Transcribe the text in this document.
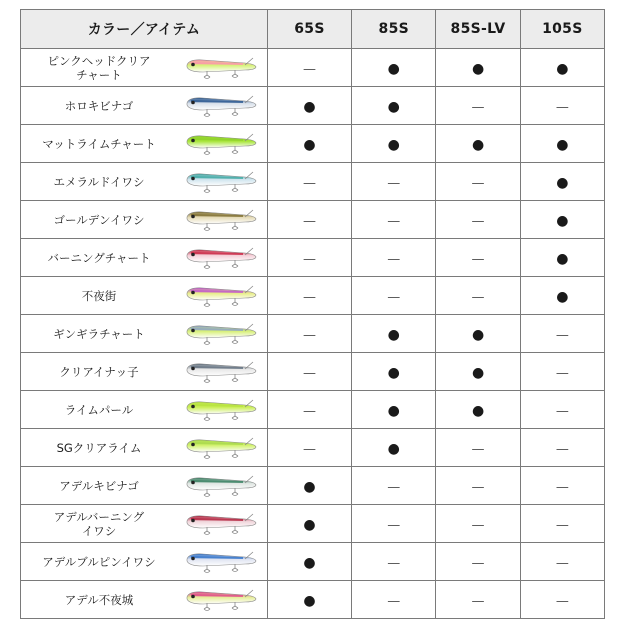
カラー／アイテム	65S	85S	85S-LV	105S

ピンクヘッドクリア
チャート	—	●	●	●

ホロキビナゴ	●	●	—	—

マットライムチャート	●	●	●	●

エメラルドイワシ	—	—	—	●

ゴールデンイワシ	—	—	—	●

バーニングチャート	—	—	—	●

不夜街	—	—	—	●

ギンギラチャート	—	●	●	—

クリアイナッ子	—	●	●	—

ライムパール	—	●	●	—

SGクリアライム	—	●	—	—

アデルキビナゴ	●	—	—	—

アデルバーニング
イワシ	●	—	—	—

アデルブルピンイワシ	●	—	—	—

アデル不夜城	●	—	—	—
